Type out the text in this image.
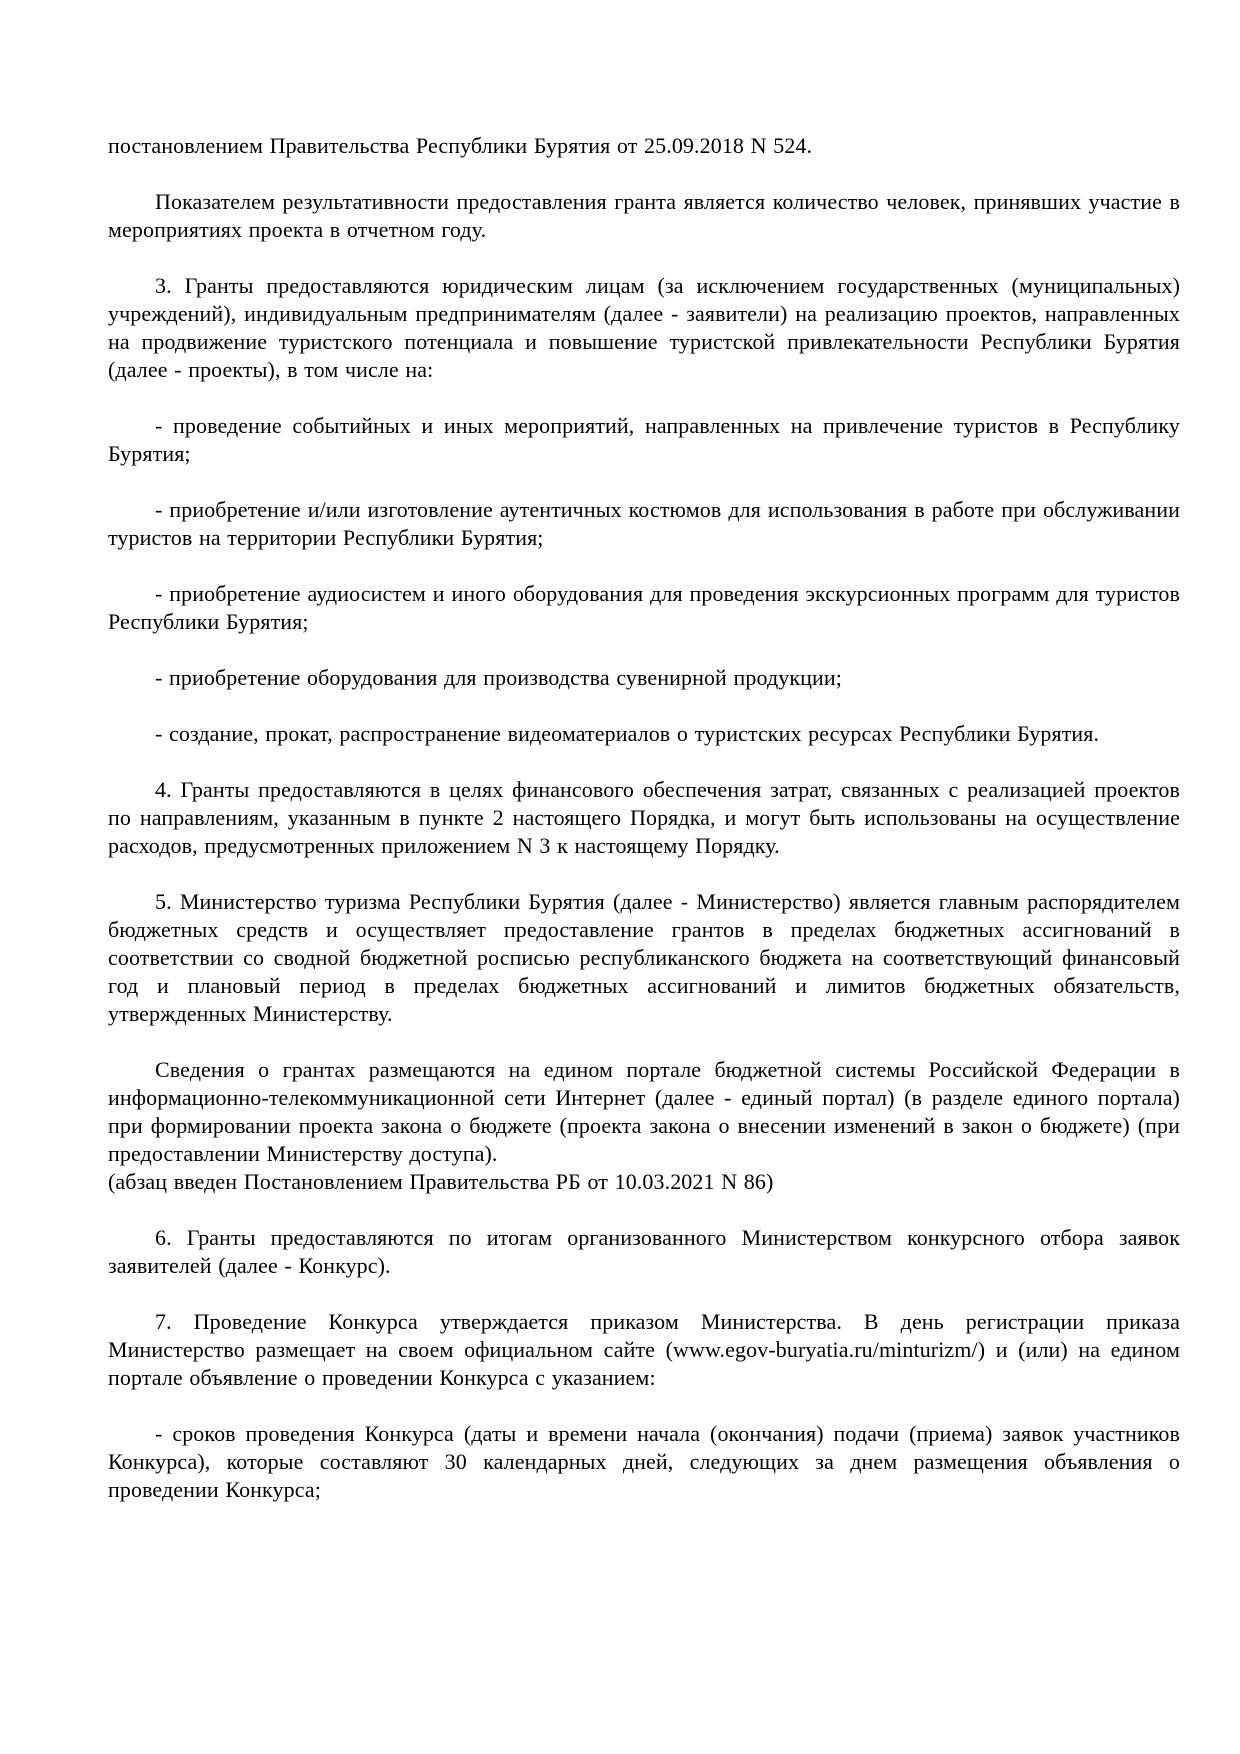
постановлением Правительства Республики Бурятия от 25.09.2018 N 524.

Показателем результативности предоставления гранта является количество человек, принявших участие в мероприятиях проекта в отчетном году.

3. Гранты предоставляются юридическим лицам (за исключением государственных (муниципальных) учреждений), индивидуальным предпринимателям (далее - заявители) на реализацию проектов, направленных на продвижение туристского потенциала и повышение туристской привлекательности Республики Бурятия (далее - проекты), в том числе на:

- проведение событийных и иных мероприятий, направленных на привлечение туристов в Республику Бурятия;

- приобретение и/или изготовление аутентичных костюмов для использования в работе при обслуживании туристов на территории Республики Бурятия;

- приобретение аудиосистем и иного оборудования для проведения экскурсионных программ для туристов Республики Бурятия;

- приобретение оборудования для производства сувенирной продукции;

- создание, прокат, распространение видеоматериалов о туристских ресурсах Республики Бурятия.

4. Гранты предоставляются в целях финансового обеспечения затрат, связанных с реализацией проектов по направлениям, указанным в пункте 2 настоящего Порядка, и могут быть использованы на осуществление расходов, предусмотренных приложением N 3 к настоящему Порядку.

5. Министерство туризма Республики Бурятия (далее - Министерство) является главным распорядителем бюджетных средств и осуществляет предоставление грантов в пределах бюджетных ассигнований в соответствии со сводной бюджетной росписью республиканского бюджета на соответствующий финансовый год и плановый период в пределах бюджетных ассигнований и лимитов бюджетных обязательств, утвержденных Министерству.

Сведения о грантах размещаются на едином портале бюджетной системы Российской Федерации в информационно-телекоммуникационной сети Интернет (далее - единый портал) (в разделе единого портала) при формировании проекта закона о бюджете (проекта закона о внесении изменений в закон о бюджете) (при предоставлении Министерству доступа).

(абзац введен Постановлением Правительства РБ от 10.03.2021 N 86)

6. Гранты предоставляются по итогам организованного Министерством конкурсного отбора заявок заявителей (далее - Конкурс).

7. Проведение Конкурса утверждается приказом Министерства. В день регистрации приказа Министерство размещает на своем официальном сайте (www.egov-buryatia.ru/minturizm/) и (или) на едином портале объявление о проведении Конкурса с указанием:

- сроков проведения Конкурса (даты и времени начала (окончания) подачи (приема) заявок участников Конкурса), которые составляют 30 календарных дней, следующих за днем размещения объявления о проведении Конкурса;
